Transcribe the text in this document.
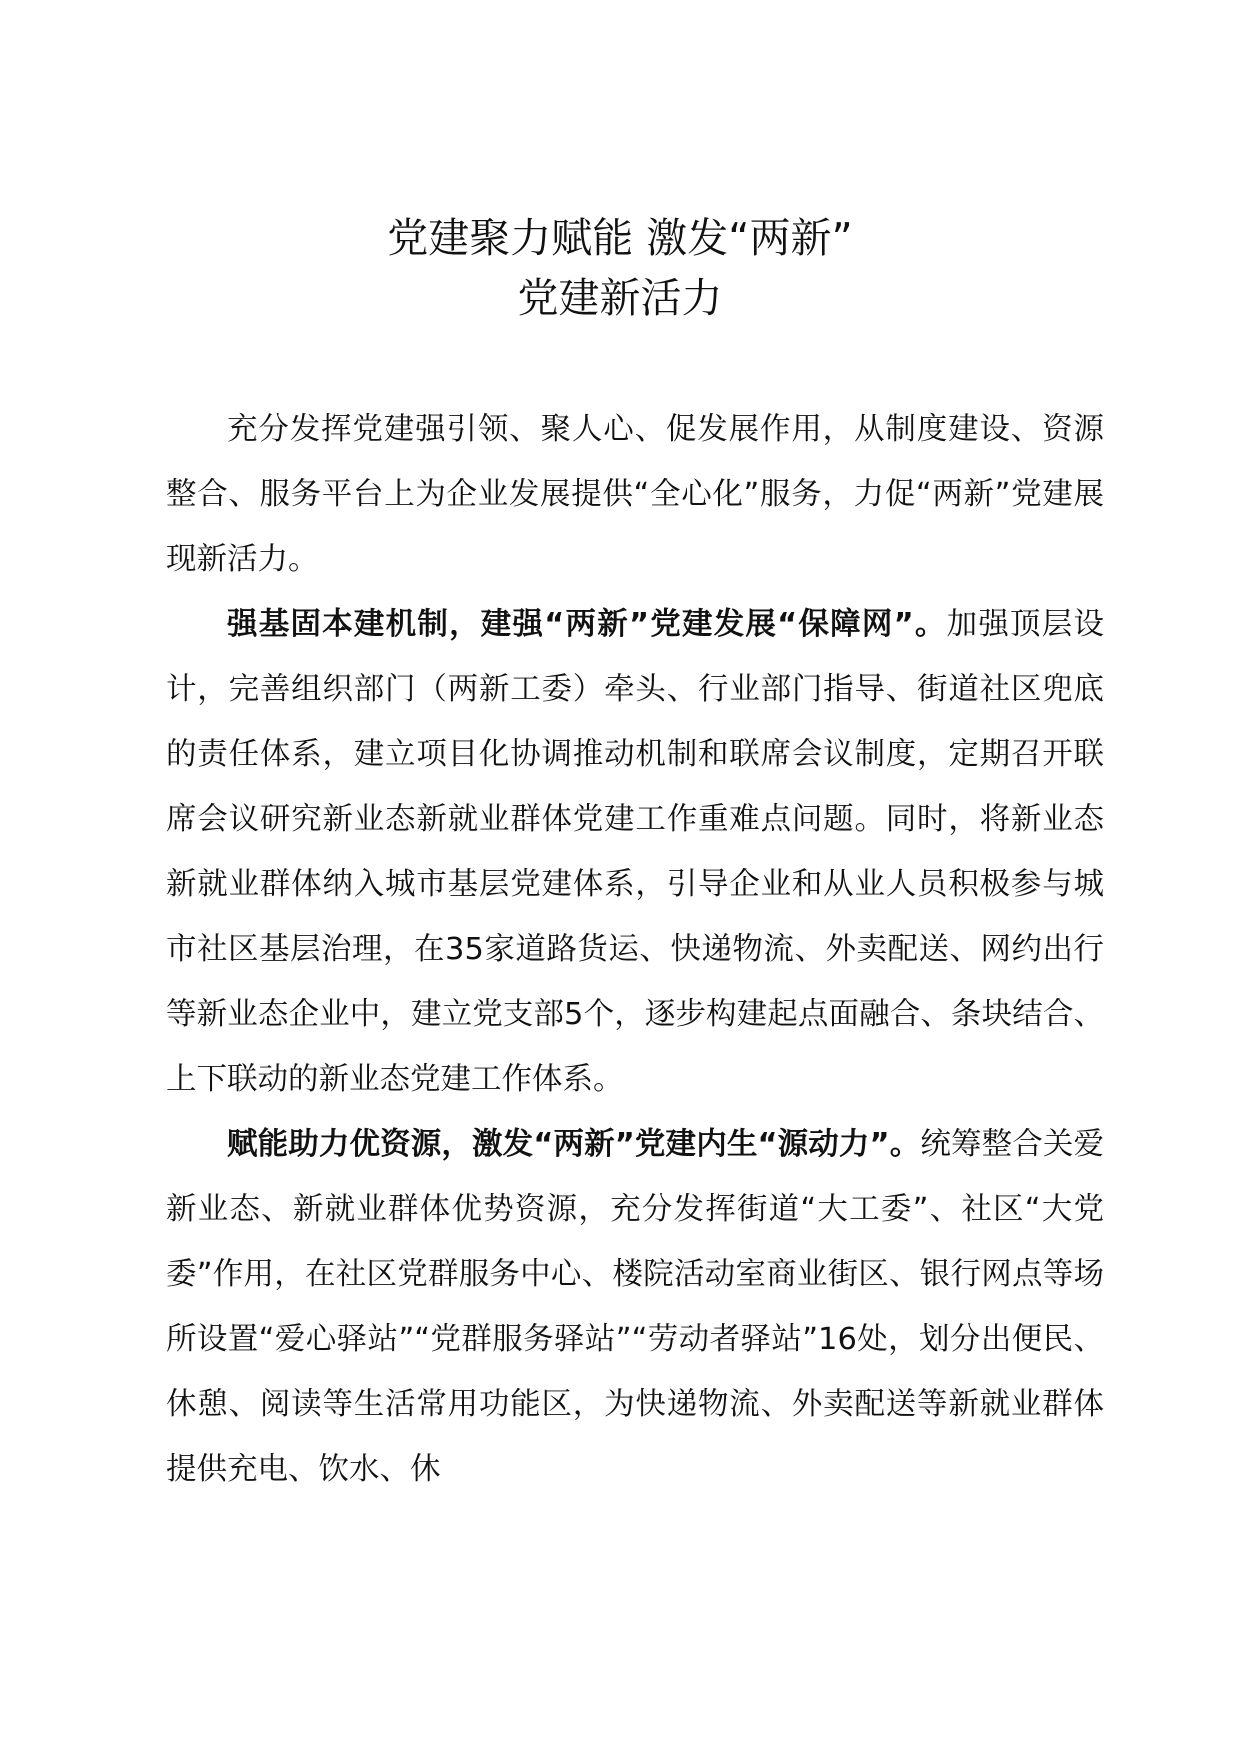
党建聚力赋能 激发“两新”
党建新活力

充分发挥党建强引领、聚人心、促发展作用，从制度建设、资源整合、服务平台上为企业发展提供“全心化”服务，力促“两新”党建展现新活力。

强基固本建机制，建强“两新”党建发展“保障网”。加强顶层设计，完善组织部门（两新工委）牵头、行业部门指导、街道社区兜底的责任体系，建立项目化协调推动机制和联席会议制度，定期召开联席会议研究新业态新就业群体党建工作重难点问题。同时，将新业态新就业群体纳入城市基层党建体系，引导企业和从业人员积极参与城市社区基层治理，在35家道路货运、快递物流、外卖配送、网约出行等新业态企业中，建立党支部5个，逐步构建起点面融合、条块结合、上下联动的新业态党建工作体系。

赋能助力优资源，激发“两新”党建内生“源动力”。统筹整合关爱新业态、新就业群体优势资源，充分发挥街道“大工委”、社区“大党委”作用，在社区党群服务中心、楼院活动室商业街区、银行网点等场所设置“爱心驿站”“党群服务驿站”“劳动者驿站”16处，划分出便民、休憩、阅读等生活常用功能区，为快递物流、外卖配送等新就业群体提供充电、饮水、休
